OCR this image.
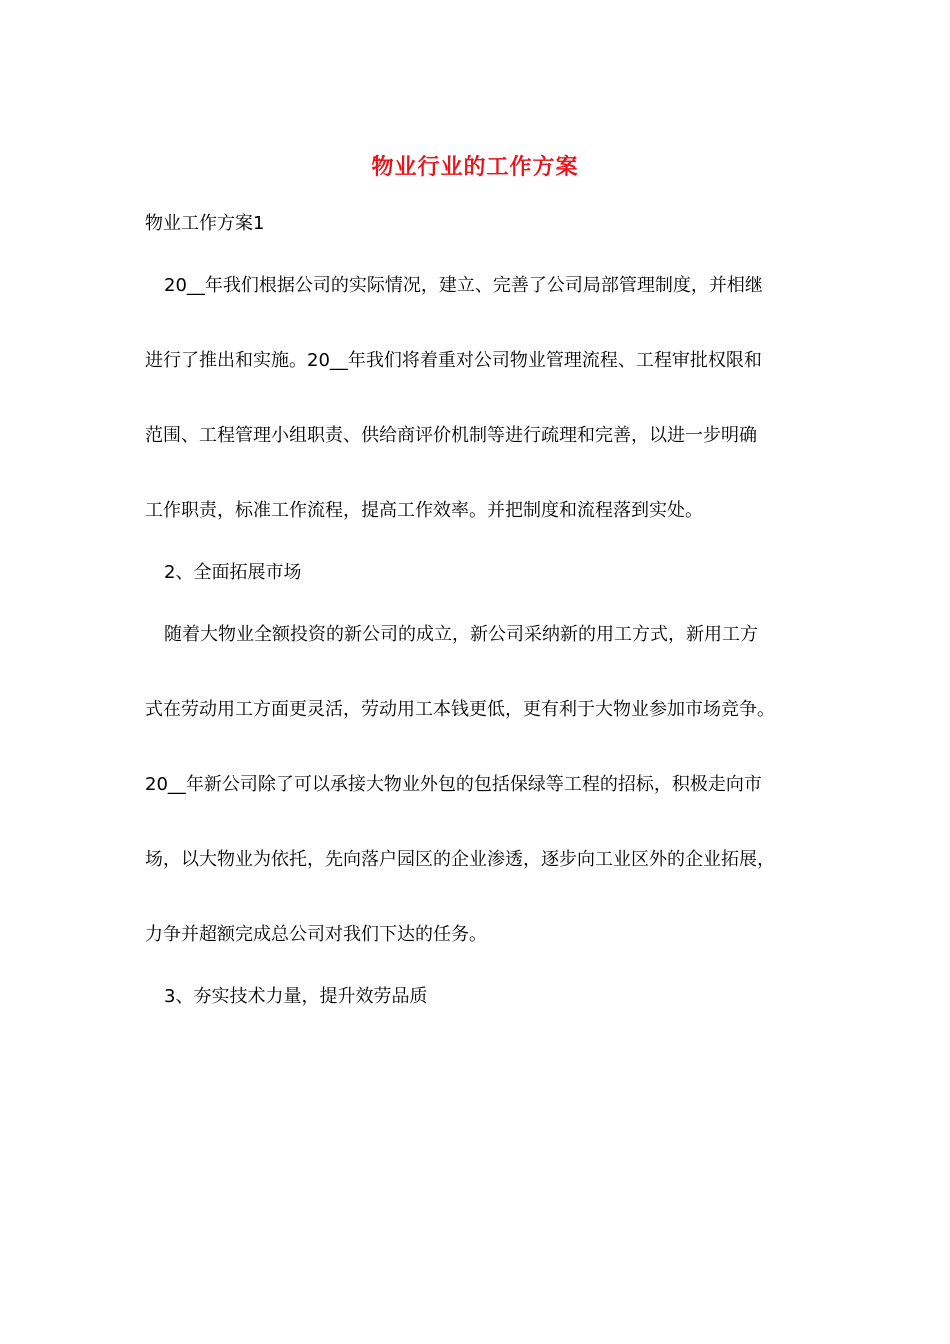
物业行业的工作方案
物业工作方案1
20__年我们根据公司的实际情况，建立、完善了公司局部管理制度，并相继
进行了推出和实施。20__年我们将着重对公司物业管理流程、工程审批权限和
范围、工程管理小组职责、供给商评价机制等进行疏理和完善，以进一步明确
工作职责，标准工作流程，提高工作效率。并把制度和流程落到实处。
2、全面拓展市场
随着大物业全额投资的新公司的成立，新公司采纳新的用工方式，新用工方
式在劳动用工方面更灵活，劳动用工本钱更低，更有利于大物业参加市场竞争。
20__年新公司除了可以承接大物业外包的包括保绿等工程的招标，积极走向市
场，以大物业为依托，先向落户园区的企业渗透，逐步向工业区外的企业拓展，
力争并超额完成总公司对我们下达的任务。
3、夯实技术力量，提升效劳品质
